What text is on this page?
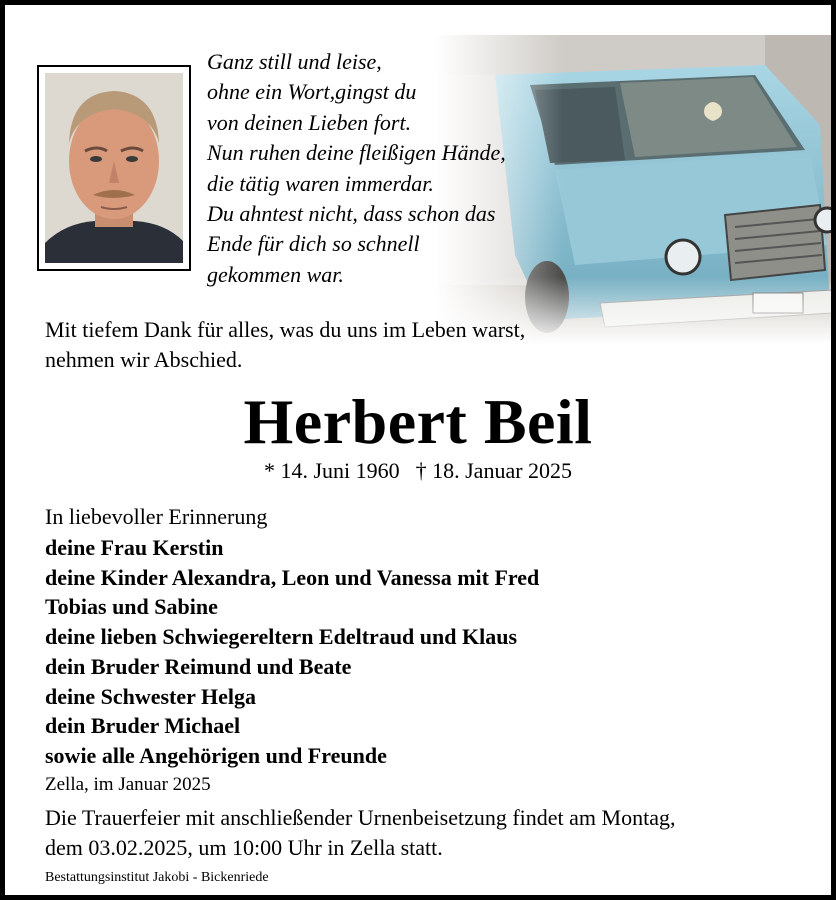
Ganz still und leise,
ohne ein Wort,gingst du
von deinen Lieben fort.
Nun ruhen deine fleißigen Hände,
die tätig waren immerdar.
Du ahntest nicht, dass schon das
Ende für dich so schnell
gekommen war.

Mit tiefem Dank für alles, was du uns im Leben warst,
nehmen wir Abschied.

Herbert Beil
* 14. Juni 1960 † 18. Januar 2025
In liebevoller Erinnerung
deine Frau Kerstin
deine Kinder Alexandra, Leon und Vanessa mit Fred
Tobias und Sabine
deine lieben Schwiegereltern Edeltraud und Klaus
dein Bruder Reimund und Beate
deine Schwester Helga
dein Bruder Michael
sowie alle Angehörigen und Freunde
Zella, im Januar 2025

Die Trauerfeier mit anschließender Urnenbeisetzung findet am Montag,
dem 03.02.2025, um 10:00 Uhr in Zella statt.

Bestattungsinstitut Jakobi - Bickenriede
